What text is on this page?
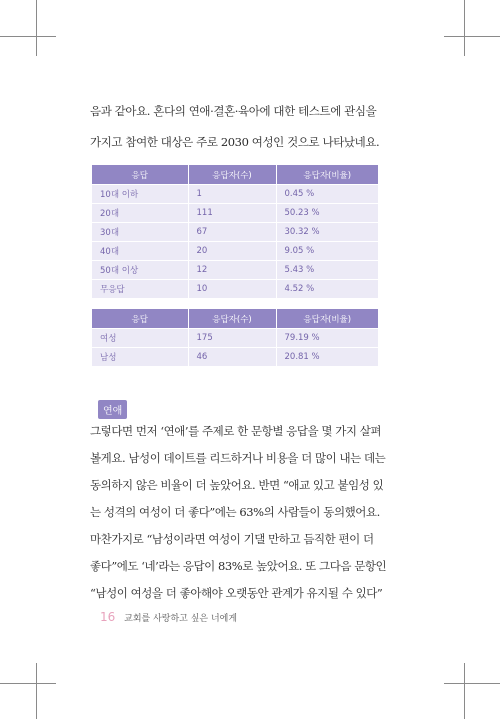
음과 같아요. 혼다의 연애·결혼·육아에 대한 테스트에 관심을

가지고 참여한 대상은 주로 2030 여성인 것으로 나타났네요.

응답	응답자(수)	응답자(비율)
10대 이하	1	0.45 %
20대	111	50.23 %
30대	67	30.32 %
40대	20	9.05 %
50대 이상	12	5.43 %
무응답	10	4.52 %
응답	응답자(수)	응답자(비율)
여성	175	79.19 %
남성	46	20.81 %
연애

그렇다면 먼저 ‘연애’를 주제로 한 문항별 응답을 몇 가지 살펴

볼게요. 남성이 데이트를 리드하거나 비용을 더 많이 내는 데는

동의하지 않은 비율이 더 높았어요. 반면 “애교 있고 붙임성 있

는 성격의 여성이 더 좋다”에는 63%의 사람들이 동의했어요.

마찬가지로 “남성이라면 여성이 기댈 만하고 듬직한 편이 더

좋다”에도 ‘네’라는 응답이 83%로 높았어요. 또 그다음 문항인

“남성이 여성을 더 좋아해야 오랫동안 관계가 유지될 수 있다”

16 교회를 사랑하고 싶은 너에게
